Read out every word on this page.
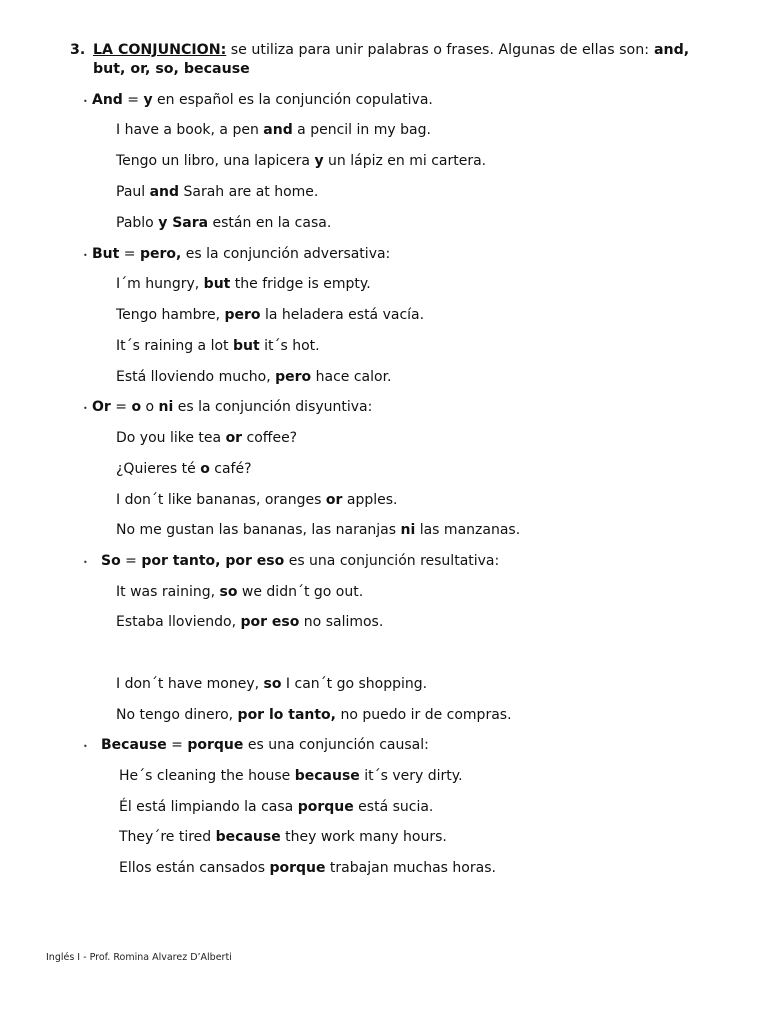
3. LA CONJUNCION: se utiliza para unir palabras o frases. Algunas de ellas son: and, but, or, so, because
• And = y en español es la conjunción copulativa.
I have a book, a pen and a pencil in my bag.
Tengo un libro, una lapicera y un lápiz en mi cartera.
Paul and Sarah are at home.
Pablo y Sara están en la casa.
• But = pero, es la conjunción adversativa:
I´m hungry, but the fridge is empty.
Tengo hambre, pero la heladera está vacía.
It´s raining a lot but it´s hot.
Está lloviendo mucho, pero hace calor.
• Or = o o ni es la conjunción disyuntiva:
Do you like tea or coffee?
¿Quieres té o café?
I don´t like bananas, oranges or apples.
No me gustan las bananas, las naranjas ni las manzanas.
• So = por tanto, por eso es una conjunción resultativa:
It was raining, so we didn´t go out.
Estaba lloviendo, por eso no salimos.
I don´t have money, so I can´t go shopping.
No tengo dinero, por lo tanto, no puedo ir de compras.
• Because = porque es una conjunción causal:
He´s cleaning the house because it´s very dirty.
Él está limpiando la casa porque está sucia.
They´re tired because they work many hours.
Ellos están cansados porque trabajan muchas horas.
Inglés I - Prof. Romina Alvarez D’Alberti
